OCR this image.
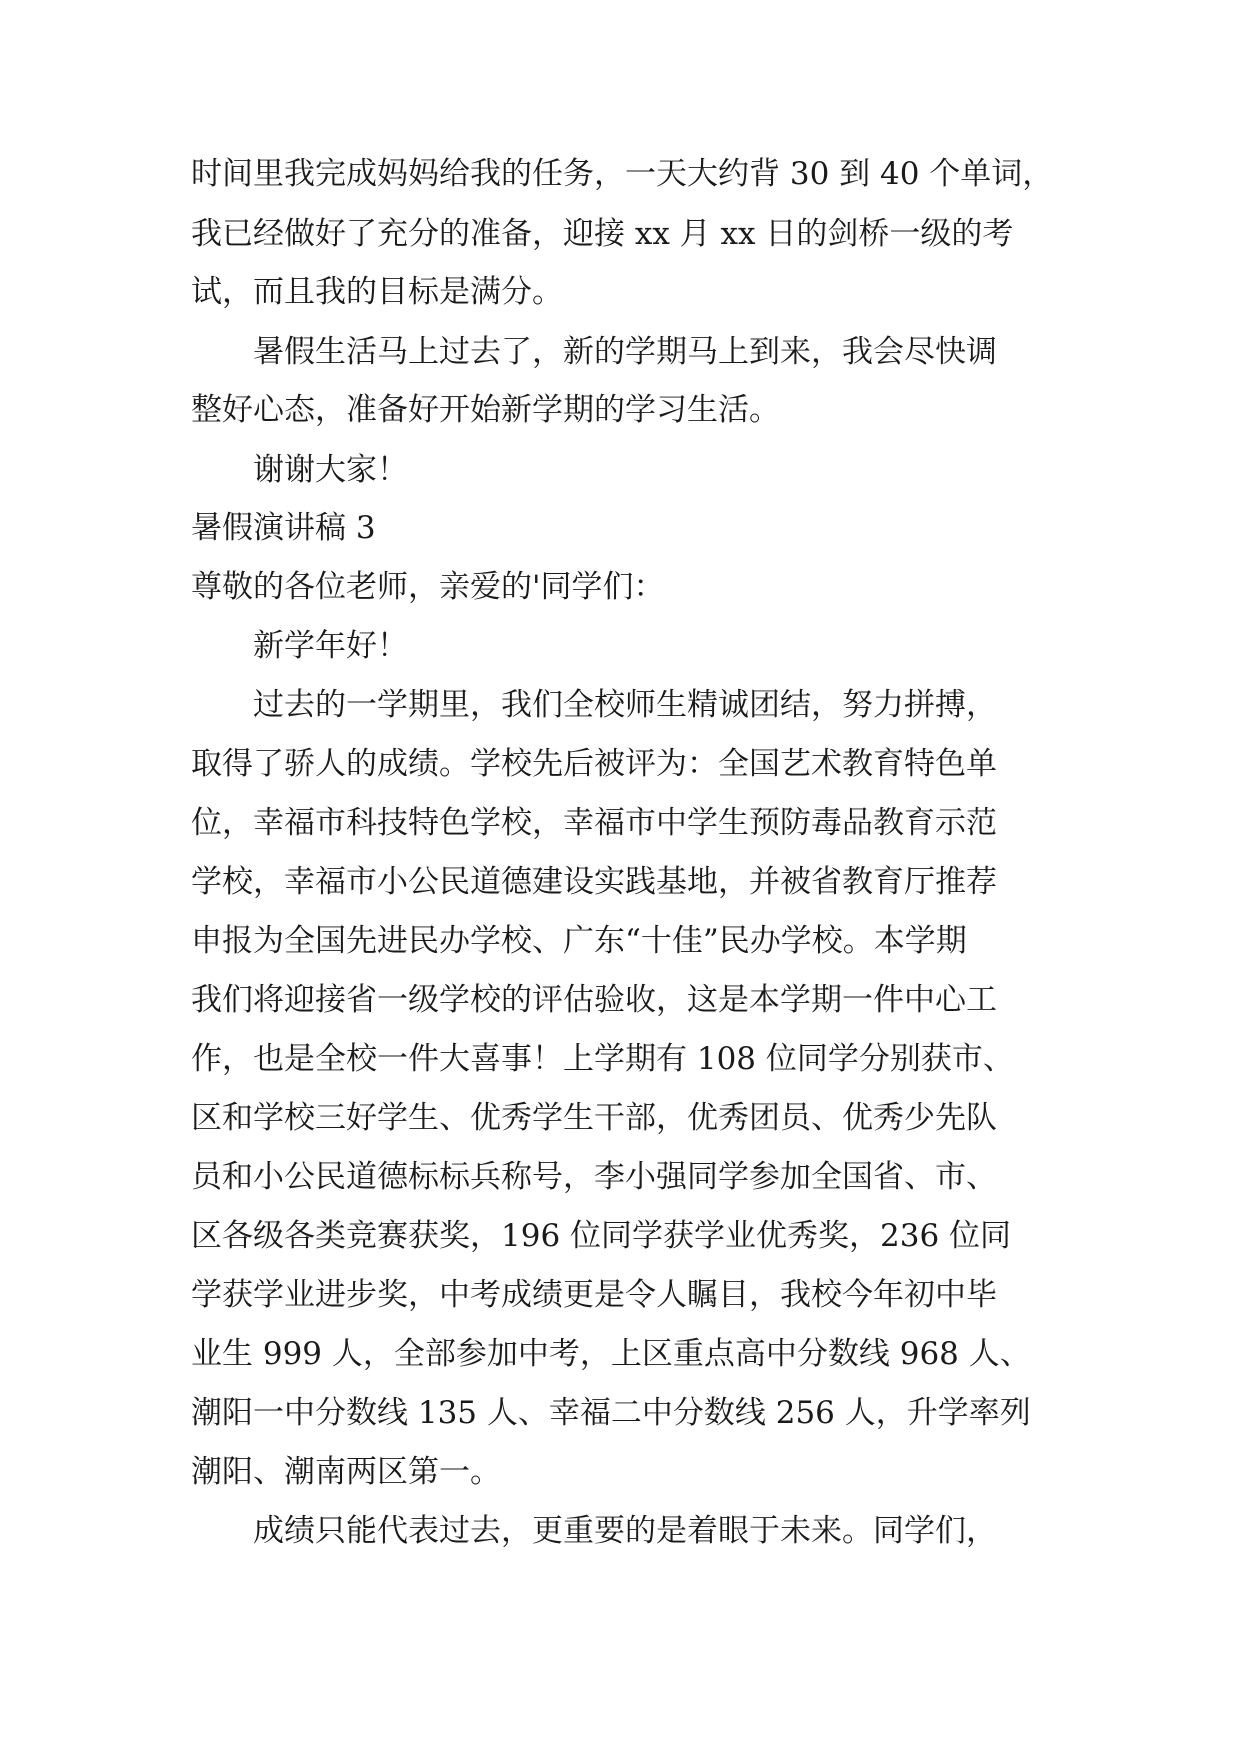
时间里我完成妈妈给我的任务，一天大约背 30 到 40 个单词，
我已经做好了充分的准备，迎接 xx 月 xx 日的剑桥一级的考
试，而且我的目标是满分。
暑假生活马上过去了，新的学期马上到来，我会尽快调
整好心态，准备好开始新学期的学习生活。
谢谢大家！
暑假演讲稿 3
尊敬的各位老师，亲爱的'同学们：
新学年好！
过去的一学期里，我们全校师生精诚团结，努力拼搏，
取得了骄人的成绩。学校先后被评为：全国艺术教育特色单
位，幸福市科技特色学校，幸福市中学生预防毒品教育示范
学校，幸福市小公民道德建设实践基地，并被省教育厅推荐
申报为全国先进民办学校、广东“十佳”民办学校。本学期
我们将迎接省一级学校的评估验收，这是本学期一件中心工
作，也是全校一件大喜事！上学期有 108 位同学分别获市、
区和学校三好学生、优秀学生干部，优秀团员、优秀少先队
员和小公民道德标标兵称号，李小强同学参加全国省、市、
区各级各类竞赛获奖，196 位同学获学业优秀奖，236 位同
学获学业进步奖，中考成绩更是令人瞩目，我校今年初中毕
业生 999 人，全部参加中考，上区重点高中分数线 968 人、
潮阳一中分数线 135 人、幸福二中分数线 256 人，升学率列
潮阳、潮南两区第一。
成绩只能代表过去，更重要的是着眼于未来。同学们，
